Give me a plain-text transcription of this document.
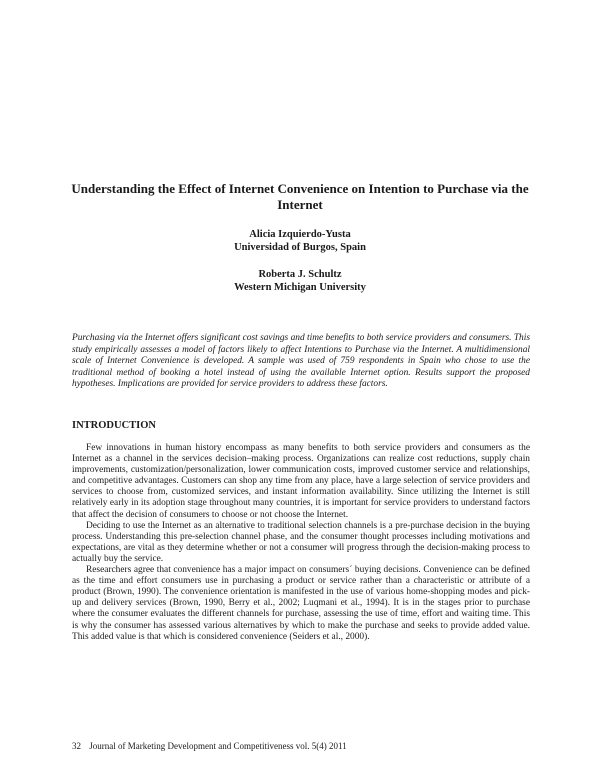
Understanding the Effect of Internet Convenience on Intention to Purchase via the Internet
Alicia Izquierdo-Yusta
Universidad of Burgos, Spain
Roberta J. Schultz
Western Michigan University
Purchasing via the Internet offers significant cost savings and time benefits to both service providers and consumers. This study empirically assesses a model of factors likely to affect Intentions to Purchase via the Internet. A multidimensional scale of Internet Convenience is developed. A sample was used of 759 respondents in Spain who chose to use the traditional method of booking a hotel instead of using the available Internet option. Results support the proposed hypotheses. Implications are provided for service providers to address these factors.
INTRODUCTION

Few innovations in human history encompass as many benefits to both service providers and consumers as the Internet as a channel in the services decision–making process. Organizations can realize cost reductions, supply chain improvements, customization/personalization, lower communication costs, improved customer service and relationships, and competitive advantages. Customers can shop any time from any place, have a large selection of service providers and services to choose from, customized services, and instant information availability. Since utilizing the Internet is still relatively early in its adoption stage throughout many countries, it is important for service providers to understand factors that affect the decision of consumers to choose or not choose the Internet.

Deciding to use the Internet as an alternative to traditional selection channels is a pre-purchase decision in the buying process. Understanding this pre-selection channel phase, and the consumer thought processes including motivations and expectations, are vital as they determine whether or not a consumer will progress through the decision-making process to actually buy the service.

Researchers agree that convenience has a major impact on consumers´ buying decisions. Convenience can be defined as the time and effort consumers use in purchasing a product or service rather than a characteristic or attribute of a product (Brown, 1990). The convenience orientation is manifested in the use of various home-shopping modes and pick-up and delivery services (Brown, 1990, Berry et al., 2002; Luqmani et al., 1994). It is in the stages prior to purchase where the consumer evaluates the different channels for purchase, assessing the use of time, effort and waiting time. This is why the consumer has assessed various alternatives by which to make the purchase and seeks to provide added value. This added value is that which is considered convenience (Seiders et al., 2000).

32 Journal of Marketing Development and Competitiveness vol. 5(4) 2011
